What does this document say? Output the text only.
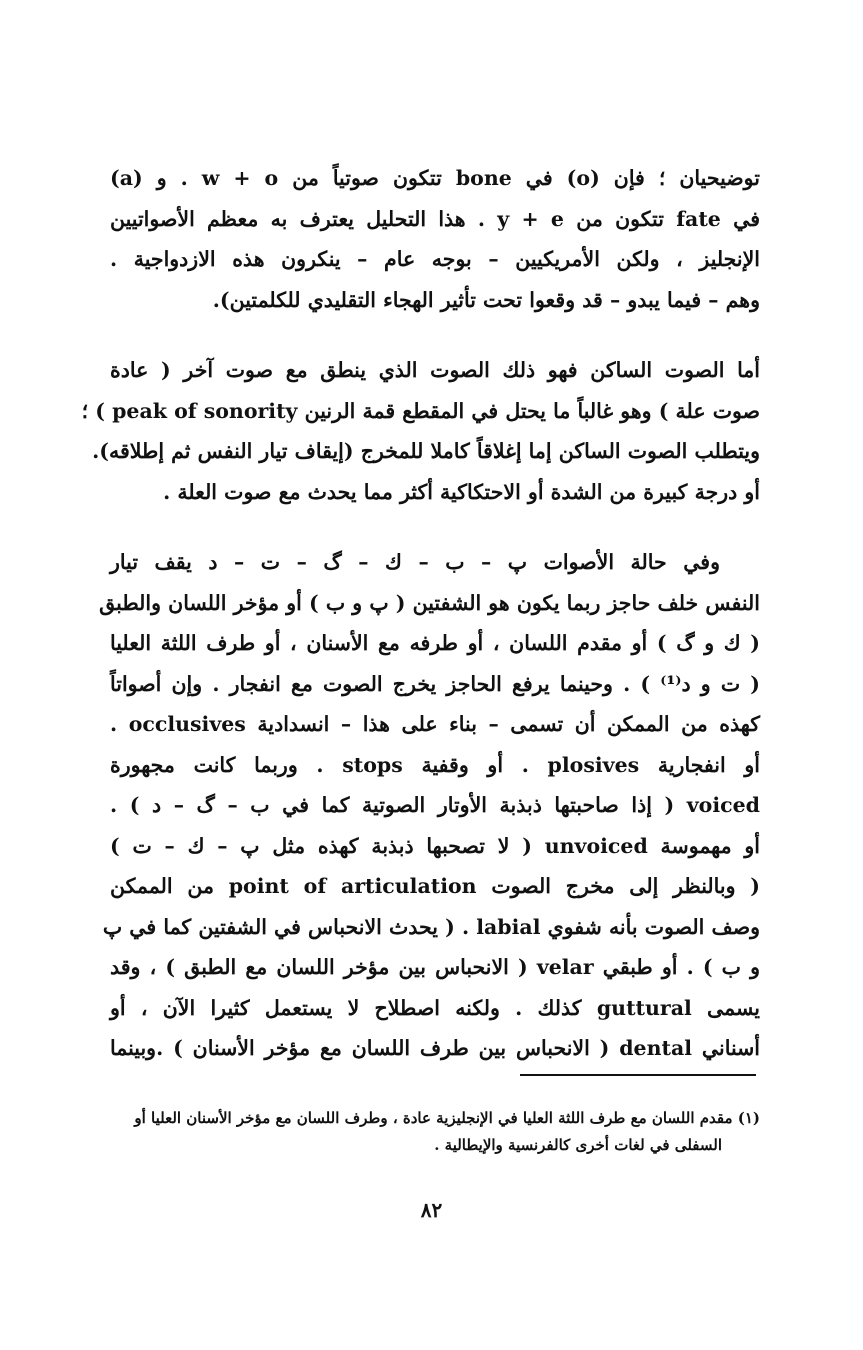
توضيحيان ؛ فإن (o) في bone تتكون صوتياً من w + o . و (a)
في fate تتكون من y + e . هذا التحليل يعترف به معظم الأصواتيين
الإنجليز ، ولكن الأمريكيين – بوجه عام – ينكرون هذه الازدواجية .
وهم – فيما يبدو – قد وقعوا تحت تأثير الهجاء التقليدي للكلمتين).

أما الصوت الساكن فهو ذلك الصوت الذي ينطق مع صوت آخر ( عادة
صوت علة ) وهو غالباً ما يحتل في المقطع قمة الرنين peak of sonority ) ؛
ويتطلب الصوت الساكن إما إغلاقاً كاملا للمخرج (إيقاف تيار النفس ثم إطلاقه).
أو درجة كبيرة من الشدة أو الاحتكاكية أكثر مما يحدث مع صوت العلة .

وفي حالة الأصوات پ – ب – ك – گ – ت – د يقف تيار
النفس خلف حاجز ربما يكون هو الشفتين ( پ و ب ) أو مؤخر اللسان والطبق
( ك و گ ) أو مقدم اللسان ، أو طرفه مع الأسنان ، أو طرف اللثة العليا
( ت و د⁽¹⁾ ) . وحينما يرفع الحاجز يخرج الصوت مع انفجار . وإن أصواتاً
كهذه من الممكن أن تسمى – بناء على هذا – انسدادية occlusives .
أو انفجارية plosives . أو وقفية stops . وربما كانت مجهورة
voiced ( إذا صاحبتها ذبذبة الأوتار الصوتية كما في ب – گ – د ) .
أو مهموسة unvoiced ( لا تصحبها ذبذبة كهذه مثل پ – ك – ت )
( وبالنظر إلى مخرج الصوت point of articulation من الممكن
وصف الصوت بأنه شفوي labial . ( يحدث الانحباس في الشفتين كما في پ
و ب ) . أو طبقي velar ( الانحباس بين مؤخر اللسان مع الطبق ) ، وقد
يسمى guttural كذلك . ولكنه اصطلاح لا يستعمل كثيرا الآن ، أو
أسناني dental ( الانحباس بين طرف اللسان مع مؤخر الأسنان ) .وبينما

(١) مقدم اللسان مع طرف اللثة العليا في الإنجليزية عادة ، وطرف اللسان مع مؤخر الأسنان العليا أو
السفلى في لغات أخرى كالفرنسية والإيطالية .
٨٢
